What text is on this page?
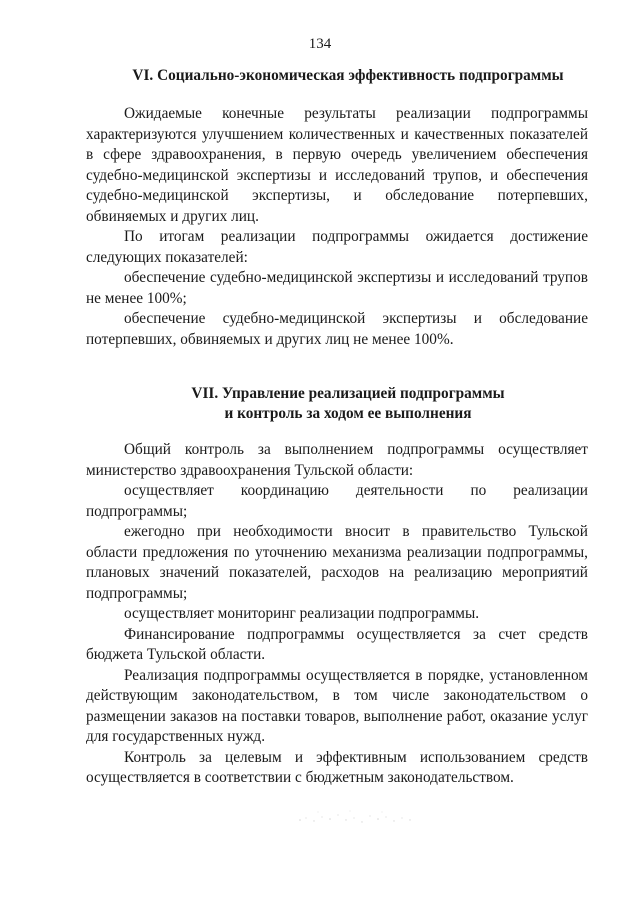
134
VI. Социально-экономическая эффективность подпрограммы

Ожидаемые конечные результаты реализации подпрограммы характеризуются улучшением количественных и качественных показателей в сфере здравоохранения, в первую очередь увеличением обеспечения судебно-медицинской экспертизы и исследований трупов, и обеспечения судебно-медицинской экспертизы, и обследование потерпевших, обвиняемых и других лиц.

По итогам реализации подпрограммы ожидается достижение следующих показателей:

обеспечение судебно-медицинской экспертизы и исследований трупов не менее 100%;

обеспечение судебно-медицинской экспертизы и обследование потерпевших, обвиняемых и других лиц не менее 100%.

VII. Управление реализацией подпрограммы
и контроль за ходом ее выполнения

Общий контроль за выполнением подпрограммы осуществляет министерство здравоохранения Тульской области:

осуществляет координацию деятельности по реализации подпрограммы;

ежегодно при необходимости вносит в правительство Тульской области предложения по уточнению механизма реализации подпрограммы, плановых значений показателей, расходов на реализацию мероприятий подпрограммы;

осуществляет мониторинг реализации подпрограммы.

Финансирование подпрограммы осуществляется за счет средств бюджета Тульской области.

Реализация подпрограммы осуществляется в порядке, установленном действующим законодательством, в том числе законодательством о размещении заказов на поставки товаров, выполнение работ, оказание услуг для государственных нужд.

Контроль за целевым и эффективным использованием средств осуществляется в соответствии с бюджетным законодательством.
